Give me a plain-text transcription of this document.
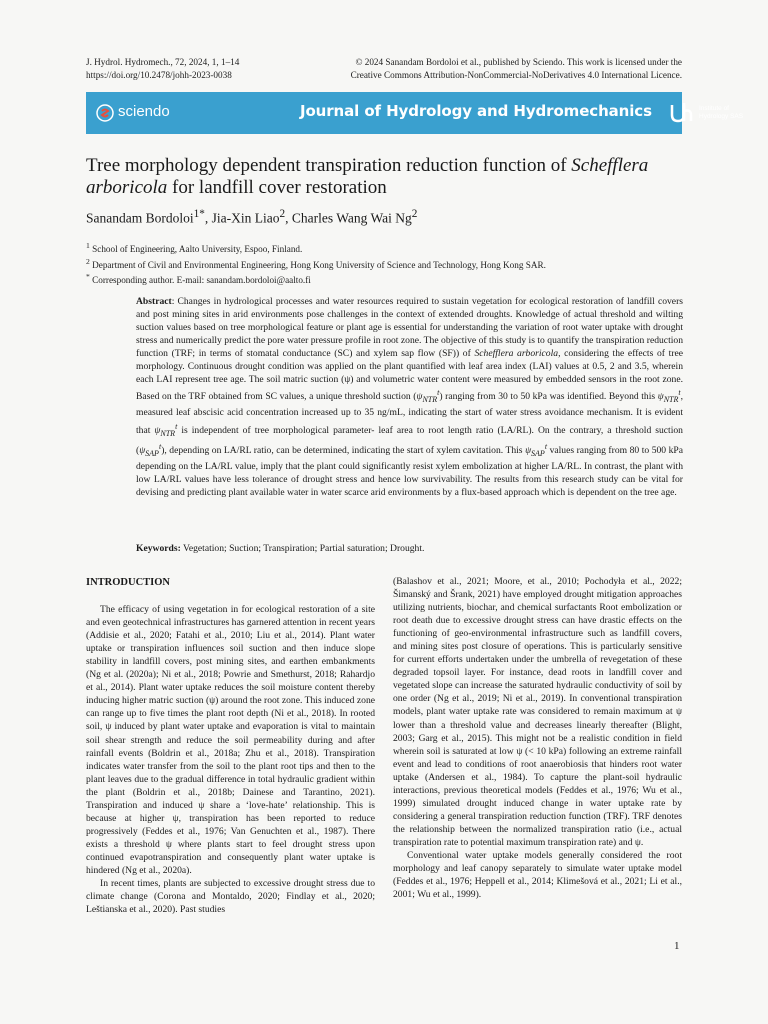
J. Hydrol. Hydromech., 72, 2024, 1, 1–14
https://doi.org/10.2478/johh-2023-0038
© 2024 Sanandam Bordoloi et al., published by Sciendo. This work is licensed under the
Creative Commons Attribution-NonCommercial-NoDerivatives 4.0 International Licence.
sciendo	Journal of Hydrology and Hydromechanics	Institute of
Hydrology SAS
Tree morphology dependent transpiration reduction function of Schefflera
arboricola for landfill cover restoration
Sanandam Bordoloi$^{1*}$, Jia-Xin Liao$^2$, Charles Wang Wai Ng$^2$
$^1$ School of Engineering, Aalto University, Espoo, Finland.
$^2$ Department of Civil and Environmental Engineering, Hong Kong University of Science and Technology, Hong Kong SAR.
* Corresponding author. E-mail: sanandam.bordoloi@aalto.fi
Abstract: Changes in hydrological processes and water resources required to sustain vegetation for ecological restoration of landfill covers and post mining sites in arid environments pose challenges in the context of extended droughts. Knowledge of actual threshold and wilting suction values based on tree morphological feature or plant age is essential for understanding the variation of root water uptake with drought stress and numerically predict the pore water pressure profile in root zone. The objective of this study is to quantify the transpiration reduction function (TRF; in terms of stomatal conductance (SC) and xylem sap flow (SF)) of Schefflera arboricola, considering the effects of tree morphology. Continuous drought condition was applied on the plant quantified with leaf area index (LAI) values at 0.5, 2 and 3.5, wherein each LAI represent tree age. The soil matric suction (ψ) and volumetric water content were measured by embedded sensors in the root zone. Based on the TRF obtained from SC values, a unique threshold suction $(\psi_{NTR}^t)$ ranging from 30 to 50 kPa was identified. Beyond this $\psi_{NTR}^t$, measured leaf abscisic acid concentration increased up to 35 ng/mL, indicating the start of water stress avoidance mechanism. It is evident that $\psi_{NTR}^t$ is independent of tree morphological parameter- leaf area to root length ratio (LA/RL). On the contrary, a threshold suction $(\psi_{SAP}^t)$, depending on LA/RL ratio, can be determined, indicating the start of xylem cavitation. This $\psi_{SAP}^t$ values ranging from 80 to 500 kPa depending on the LA/RL value, imply that the plant could significantly resist xylem embolization at higher LA/RL. In contrast, the plant with low LA/RL values have less tolerance of drought stress and hence low survivability. The results from this research study can be vital for devising and predicting plant available water in water scarce arid environments by a flux-based approach which is dependent on the tree age.
Keywords: Vegetation; Suction; Transpiration; Partial saturation; Drought.
INTRODUCTION

The efficacy of using vegetation in for ecological restoration of a site and even geotechnical infrastructures has garnered attention in recent years (Addisie et al., 2020; Fatahi et al., 2010; Liu et al., 2014). Plant water uptake or transpiration influences soil suction and then induce slope stability in landfill covers, post mining sites, and earthen embankments (Ng et al. (2020a); Ni et al., 2018; Powrie and Smethurst, 2018; Rahardjo et al., 2014). Plant water uptake reduces the soil moisture content thereby inducing higher matric suction (ψ) around the root zone. This induced zone can range up to five times the plant root depth (Ni et al., 2018). In rooted soil, ψ induced by plant water uptake and evaporation is vital to maintain soil shear strength and reduce the soil permeability during and after rainfall events (Boldrin et al., 2018a; Zhu et al., 2018). Transpiration indicates water transfer from the soil to the plant root tips and then to the plant leaves due to the gradual difference in total hydraulic gradient within the plant (Boldrin et al., 2018b; Dainese and Tarantino, 2021). Transpiration and induced ψ share a ‘love-hate’ relationship. This is because at higher ψ, transpiration has been reported to reduce progressively (Feddes et al., 1976; Van Genuchten et al., 1987). There exists a threshold ψ where plants start to feel drought stress upon continued evapotranspiration and consequently plant water uptake is hindered (Ng et al., 2020a).

In recent times, plants are subjected to excessive drought stress due to climate change (Corona and Montaldo, 2020; Findlay et al., 2020; Leštianska et al., 2020). Past studies

(Balashov et al., 2021; Moore, et al., 2010; Pochodyła et al., 2022; Šimanský and Šrank, 2021) have employed drought mitigation approaches utilizing nutrients, biochar, and chemical surfactants Root embolization or root death due to excessive drought stress can have drastic effects on the functioning of geo-environmental infrastructure such as landfill covers, and mining sites post closure of operations. This is particularly sensitive for current efforts undertaken under the umbrella of revegetation of these degraded topsoil layer. For instance, dead roots in landfill cover and vegetated slope can increase the saturated hydraulic conductivity of soil by one order (Ng et al., 2019; Ni et al., 2019). In conventional transpiration models, plant water uptake rate was considered to remain maximum at ψ lower than a threshold value and decreases linearly thereafter (Blight, 2003; Garg et al., 2015). This might not be a realistic condition in field wherein soil is saturated at low ψ (< 10 kPa) following an extreme rainfall event and lead to conditions of root anaerobiosis that hinders root water uptake (Andersen et al., 1984). To capture the plant-soil hydraulic interactions, previous theoretical models (Feddes et al., 1976; Wu et al., 1999) simulated drought induced change in water uptake rate by considering a general transpiration reduction function (TRF). TRF denotes the relationship between the normalized transpiration ratio (i.e., actual transpiration rate to potential maximum transpiration rate) and ψ.

Conventional water uptake models generally considered the root morphology and leaf canopy separately to simulate water uptake model (Feddes et al., 1976; Heppell et al., 2014; Klimešová et al., 2021; Li et al., 2001; Wu et al., 1999).

1
